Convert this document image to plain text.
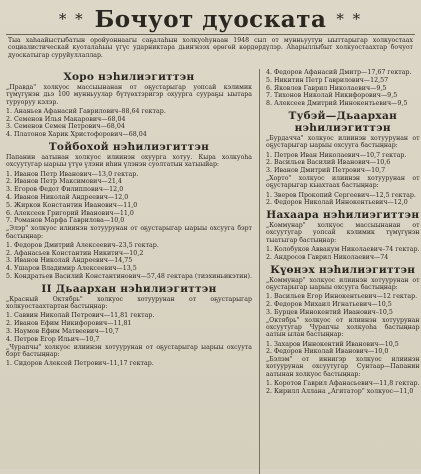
* * Бочуот дуоската * *
Тыа хаһаайыстыбатын оройуоннаагы саҕалаһын холкуоһунаан 1948 сыл от мунньуутун ыыттарыгар холкуостаах социалистическай куоталаһыы үгүс ударниктара дьиҥнээх өрөгөй көрдөрдүлэр. Аһарыллыбыт холкуостаахтар бочуот дуоскатыгар суруйуллаллар.
Хоро нэһилиэгиттэн
„Правда" холкуос массыынанан от оҕустарыгар уопсай кэлимик түмүгүнэн дьэ 100 мунньуулар бүтүөхтэригэр охуурга суураҕы ыытара туруоруу кэлэр.
1. Ананьев Афанасий Гаврилович–88,64 гектар.
2. Семенов Илья Макарович—68,04
3. Семенов Семен Петрович—68,04
4. Платонов Харик Христофорович—68,04
Тойбохой нэһилиэгиттэн
Папанин аатынан холкуос илиинэн охуурга хотуу. Кыра холкуоһа охсуутугар ыарыы үтүө үлэни иһин үлэнэн суолтатын хатыыйар:
1. Иванов Петр Иванович—13,0 гектар.
2. Иванов Петр Максимович—21,4
3. Егоров Федот Филиппович—12,0
4. Иванов Николай Андреевич—12,0
5. Жирков Константин Иванович—11,0
6. Алексеев Григорий Иванович—11,0
7. Романов Марфа Гаврилова—10,0
„Элэр" холкуос илиинэн хотуурунан от оҕустарыгар ыарыы охсууга бэрт бастыңнар:
1. Федоров Дмитрий Алексеевич–23,5 гектар.
2. Афанасьев Константин Никитич—10,2
3. Иванов Николай Андреевич—14,75
4. Ушаров Владимир Алексеевич—13,5
5. Кондратьев Василий Константинович—57,48 гектара (тиэхиньикэтин).
II Дьаархан нэһилиэгиттэн
„Красный Октябрь" холкуос хотуурунан от оҕустарыгар холкуостаахтартан бастыңнар:
1. Саввин Николай Петрович—11,81 гектар.
2. Иванов Ефим Никифорович—11,81
3. Наумов Ефим Матвеевич—10,7
4. Петров Егор Ильич—10,7
„Чурапчы" холкуос илиинэн хотуурунан от оҕустарыгар ыарыы охсуута бэрт бастыңнар:
1. Сидоров Алексей Петрович–11,17 гектар.
4. Федоров Афанасий Дмитр—17,67 гектар.
5. Никитин Петр Гаврилович—12,57
6. Яковлев Гаврил Николаевич—9,5
7. Тихонов Николай Никифорович—9,5
8. Алексеев Дмитрий Иннокентьевич—9,5
Тубэй—Дьаархан нэһилиэгиттэн
„Бурдачча" холкуос илиинэн хотуурунан от оҕустарыгар ыарыы охсууга бастыңнар:
1. Петров Иван Николаевич—10,7 гектар.
2. Васильев Василий Иванович—10,6
3. Иванов Дмитрий Петрович—10,7
„Хорто" холкуос илиинэн хотуурунан от оҕустарыгар кыахтаах бастыңнар:
1. Зверев Прокопий Сергеевич—12,5 гектар.
2. Федоров Николай Иннокентьевич—12,0
Нахаара нэһилиэгиттэн
„Коммунар" холкуос массыынанан от охсуутугар уопсай кэлимик түмүгүнэн тыатыгар бастыңнар:
1. Колобуков Аввакум Николаевич–74 гектар.
2. Андросов Гаврил Николаевич—74
Күөнэх нэһилиэгиттэн
„Коммунар" холкуос илиинэн хотуурунан от оҕустарыгар ыарыы охсууга бастыңнар:
1. Васильев Егор Иннокентьевич—12 гектар.
2. Федоров Михаил Игнатьевич—10,5
3. Бурцев Иннокентий Иванович–10,5
„Октябрь" холкуос от илиинэн хотуурунан охсуутугар Чурапчы холкуоһа бастыңнар аатын ылан бастыңнар:
1. Захаров Иннокентий Иванович—10,5
2. Федоров Николай Иванович—10,0
„Бэлэм" от иннигэр холкуос илиинэн хотуурунан охсуутугар Сунтаар—Папанин аатынан холкуос бастыңнар:
1. Коротов Гаврил Афанасьевич—11,8 гектар.
2. Кирилл Аллана „Агитатор" холкуос—11,0
